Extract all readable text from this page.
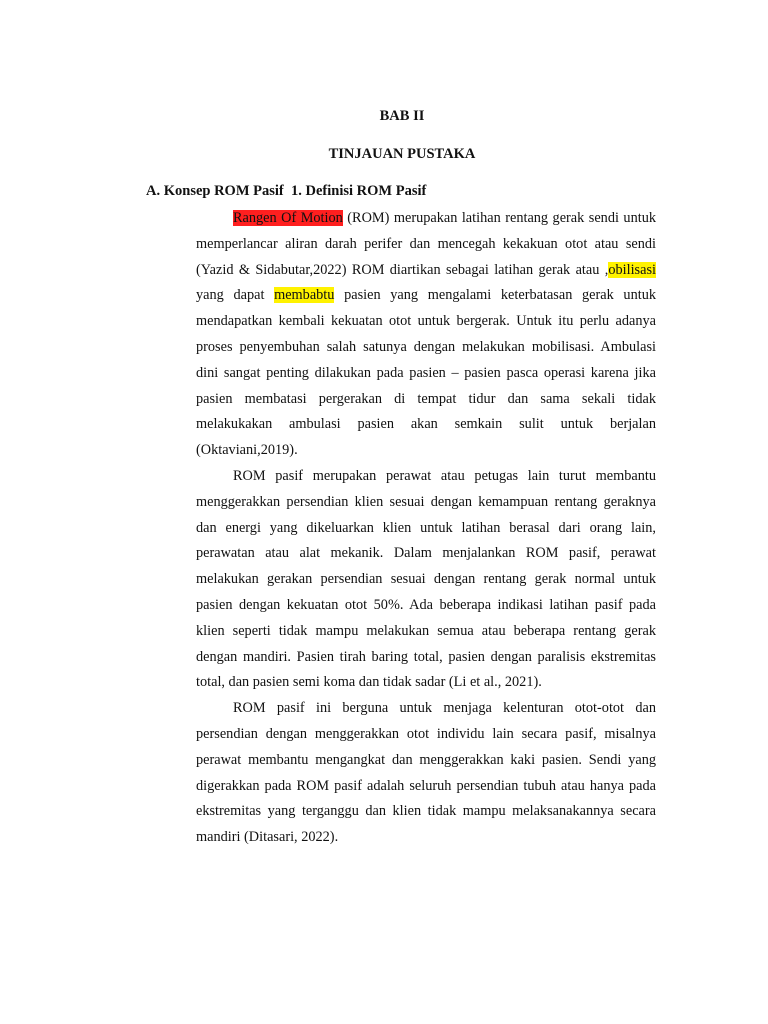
BAB II
TINJAUAN PUSTAKA
A. Konsep ROM Pasif  1. Definisi ROM Pasif

Rangen Of Motion (ROM) merupakan latihan rentang gerak sendi untuk memperlancar aliran darah perifer dan mencegah kekakuan otot atau sendi (Yazid & Sidabutar,2022) ROM diartikan sebagai latihan gerak atau ,obilisasi yang dapat membabtu pasien yang mengalami keterbatasan gerak untuk mendapatkan kembali kekuatan otot untuk bergerak. Untuk itu perlu adanya proses penyembuhan salah satunya dengan melakukan mobilisasi. Ambulasi dini sangat penting dilakukan pada pasien – pasien pasca operasi karena jika pasien membatasi pergerakan di tempat tidur dan sama sekali tidak melakukakan ambulasi pasien akan semkain sulit untuk berjalan (Oktaviani,2019).

ROM pasif merupakan perawat atau petugas lain turut membantu menggerakkan persendian klien sesuai dengan kemampuan rentang geraknya dan energi yang dikeluarkan klien untuk latihan berasal dari orang lain, perawatan atau alat mekanik. Dalam menjalankan ROM pasif, perawat melakukan gerakan persendian sesuai dengan rentang gerak normal untuk pasien dengan kekuatan otot 50%. Ada beberapa indikasi latihan pasif pada klien seperti tidak mampu melakukan semua atau beberapa rentang gerak dengan mandiri. Pasien tirah baring total, pasien dengan paralisis ekstremitas total, dan pasien semi koma dan tidak sadar (Li et al., 2021).

ROM pasif ini berguna untuk menjaga kelenturan otot-otot dan persendian dengan menggerakkan otot individu lain secara pasif, misalnya perawat membantu mengangkat dan menggerakkan kaki pasien. Sendi yang digerakkan pada ROM pasif adalah seluruh persendian tubuh atau hanya pada ekstremitas yang terganggu dan klien tidak mampu melaksanakannya secara mandiri (Ditasari, 2022).
